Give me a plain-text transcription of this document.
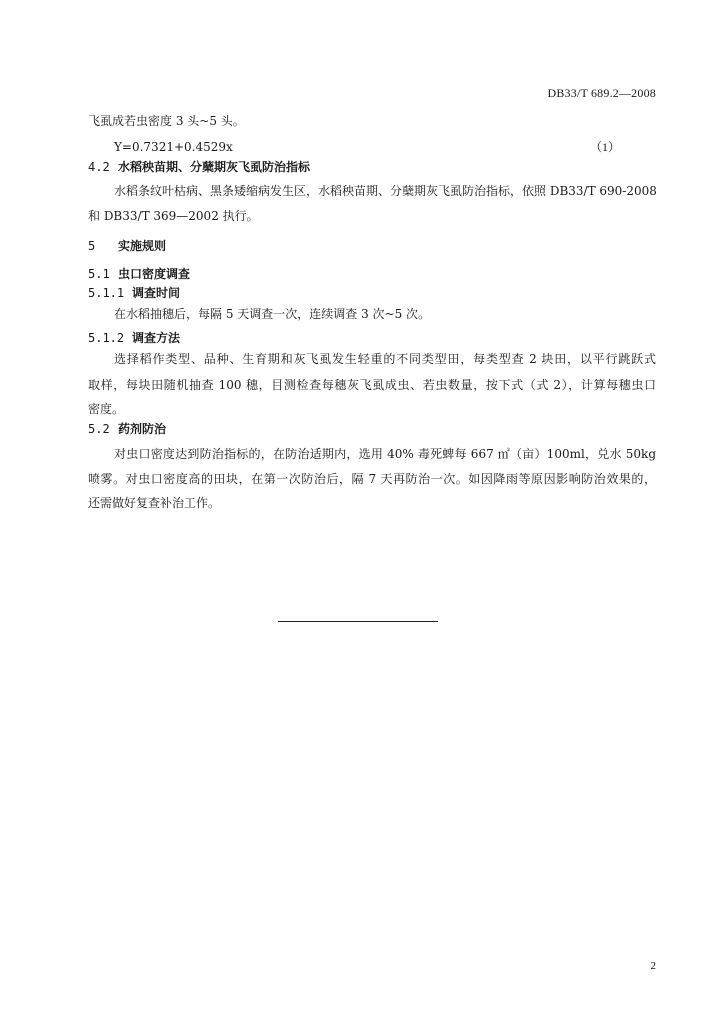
DB33/T 689.2—2008
飞虱成若虫密度 3 头~5 头。
Y=0.7321+0.4529x	（1）
4.2 水稻秧苗期、分蘖期灰飞虱防治指标
水稻条纹叶枯病、黑条矮缩病发生区，水稻秧苗期、分蘖期灰飞虱防治指标，依照 DB33/T 690-2008
和 DB33/T 369—2002 执行。
5 实施规则
5.1 虫口密度调查
5.1.1 调查时间
在水稻抽穗后，每隔 5 天调查一次，连续调查 3 次~5 次。
5.1.2 调查方法
选择稻作类型、品种、生育期和灰飞虱发生轻重的不同类型田，每类型查 2 块田，以平行跳跃式
取样，每块田随机抽查 100 穗，目测检查每穗灰飞虱成虫、若虫数量，按下式（式 2），计算每穗虫口
密度。
5.2 药剂防治
对虫口密度达到防治指标的，在防治适期内，选用 40% 毒死蜱每 667 ㎡（亩）100ml，兑水 50kg
喷雾。对虫口密度高的田块，在第一次防治后，隔 7 天再防治一次。如因降雨等原因影响防治效果的，
还需做好复查补治工作。
2
